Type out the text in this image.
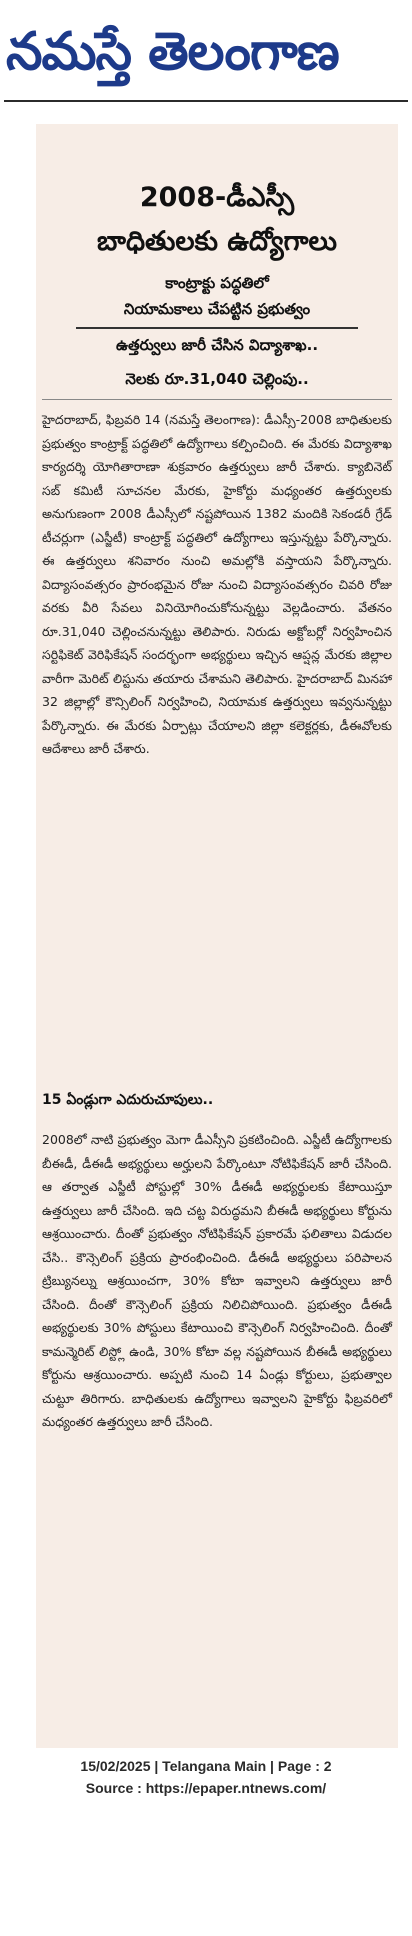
నమస్తే తెలంగాణ
2008-డీఎస్సీ
బాధితులకు ఉద్యోగాలు
కాంట్రాక్టు పద్ధతిలో
నియామకాలు చేపట్టిన ప్రభుత్వం
ఉత్తర్వులు జారీ చేసిన విద్యాశాఖ..
నెలకు రూ.31,040 చెల్లింపు..
హైదరాబాద్, ఫిబ్రవరి 14 (నమస్తే తెలంగాణ): డీఎస్సీ-2008 బాధితులకు ప్రభుత్వం కాంట్రాక్ట్ పద్ధతిలో ఉద్యోగాలు కల్పించింది. ఈ మేరకు విద్యాశాఖ కార్యదర్శి యోగితారాణా శుక్రవారం ఉత్తర్వులు జారీ చేశారు. క్యాబినెట్ సబ్ కమిటీ సూచనల మేరకు, హైకోర్టు మధ్యంతర ఉత్తర్వులకు అనుగుణంగా 2008 డీఎస్సీలో నష్టపోయిన 1382 మందికి సెకండరీ గ్రేడ్ టీచర్లుగా (ఎస్జీటీ) కాంట్రాక్ట్ పద్ధతిలో ఉద్యోగాలు ఇస్తున్నట్టు పేర్కొన్నారు. ఈ ఉత్తర్వులు శనివారం నుంచి అమల్లోకి వస్తాయని పేర్కొన్నారు. విద్యాసంవత్సరం ప్రారంభమైన రోజు నుంచి విద్యాసంవత్సరం చివరి రోజు వరకు వీరి సేవలు వినియోగించుకోనున్నట్టు వెల్లడించారు. వేతనం రూ.31,040 చెల్లించనున్నట్టు తెలిపారు. నిరుడు అక్టోబర్లో నిర్వహించిన సర్టిఫికెట్ వెరిఫికేషన్ సందర్భంగా అభ్యర్థులు ఇచ్చిన ఆప్షన్ల మేరకు జిల్లాల వారీగా మెరిట్ లిస్టును తయారు చేశామని తెలిపారు. హైదరాబాద్ మినహా 32 జిల్లాల్లో కౌన్సిలింగ్ నిర్వహించి, నియామక ఉత్తర్వులు ఇవ్వనున్నట్టు పేర్కొన్నారు. ఈ మేరకు ఏర్పాట్లు చేయాలని జిల్లా కలెక్టర్లకు, డీఈవోలకు ఆదేశాలు జారీ చేశారు.
15 ఏండ్లుగా ఎదురుచూపులు..
2008లో నాటి ప్రభుత్వం మెగా డీఎస్సీని ప్రకటించింది. ఎస్జీటీ ఉద్యోగాలకు బీఈడీ, డీఈడీ అభ్యర్థులు అర్హులని పేర్కొంటూ నోటిఫికేషన్ జారీ చేసింది. ఆ తర్వాత ఎస్జీటీ పోస్టుల్లో 30% డీఈడీ అభ్యర్థులకు కేటాయిస్తూ ఉత్తర్వులు జారీ చేసింది. ఇది చట్ట విరుద్ధమని బీఈడీ అభ్యర్థులు కోర్టును ఆశ్రయించారు. దీంతో ప్రభుత్వం నోటిఫికేషన్ ప్రకారమే ఫలితాలు విడుదల చేసి.. కౌన్సెలింగ్ ప్రక్రియ ప్రారంభించింది. డీఈడీ అభ్యర్థులు పరిపాలన ట్రిబ్యునల్ను ఆశ్రయించగా, 30% కోటా ఇవ్వాలని ఉత్తర్వులు జారీ చేసింది. దీంతో కౌన్సెలింగ్ ప్రక్రియ నిలిచిపోయింది. ప్రభుత్వం డీఈడీ అభ్యర్థులకు 30% పోస్టులు కేటాయించి కౌన్సెలింగ్ నిర్వహించింది. దీంతో కామన్మెరిట్ లిస్ట్లో ఉండి, 30% కోటా వల్ల నష్టపోయిన బీఈడీ అభ్యర్థులు కోర్టును ఆశ్రయించారు. అప్పటి నుంచి 14 ఏండ్లు కోర్టులు, ప్రభుత్వాల చుట్టూ తిరిగారు. బాధితులకు ఉద్యోగాలు ఇవ్వాలని హైకోర్టు ఫిబ్రవరిలో మధ్యంతర ఉత్తర్వులు జారీ చేసింది.
15/02/2025 | Telangana Main | Page : 2
Source : https://epaper.ntnews.com/
